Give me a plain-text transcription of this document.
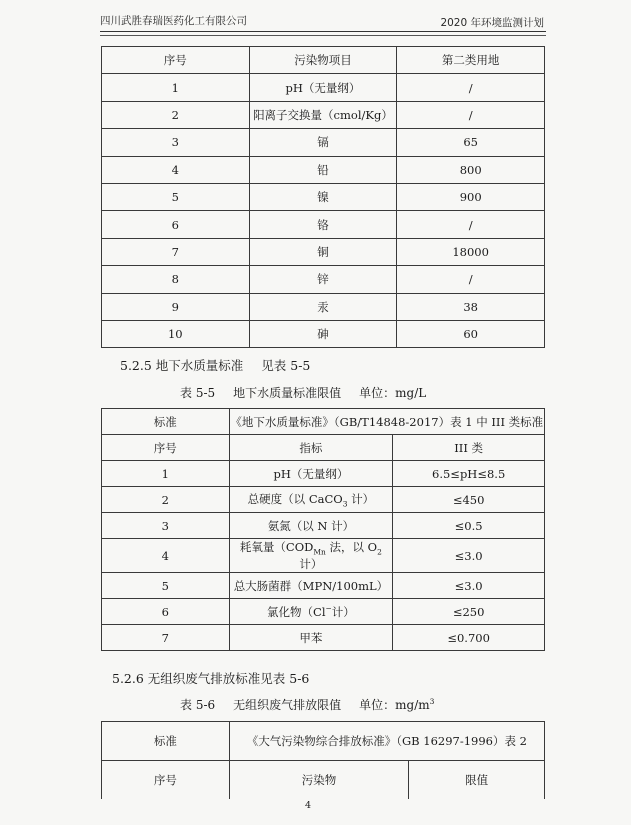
四川武胜春瑞医药化工有限公司	2020 年环境监测计划
序号	污染物项目	第二类用地
1	pH（无量纲）	/
2	阳离子交换量（cmol/Kg）	/
3	镉	65
4	铅	800
5	镍	900
6	铬	/
7	铜	18000
8	锌	/
9	汞	38
10	砷	60
5.2.5 地下水质量标准 见表 5-5
表 5-5 地下水质量标准限值 单位：mg/L
标准	《地下水质量标准》（GB/T14848-2017）表 1 中 III 类标准	
序号	指标	III 类
1	pH（无量纲）	6.5≤pH≤8.5
2	总硬度（以 CaCO$_3$ 计）	≤450
3	氨氮（以 N 计）	≤0.5
4	耗氧量（$COD_{Mn}$ 法，以 $O_2$ 计）	≤3.0
5	总大肠菌群（MPN/100mL）	≤3.0
6	氯化物（Cl−计）	≤250
7	甲苯	≤0.700
5.2.6 无组织废气排放标准见表 5-6
表 5-6 无组织废气排放限值 单位：$mg/m^3$
标准	《大气污染物综合排放标准》（GB 16297-1996）表 2	
序号	污染物	限值
4
